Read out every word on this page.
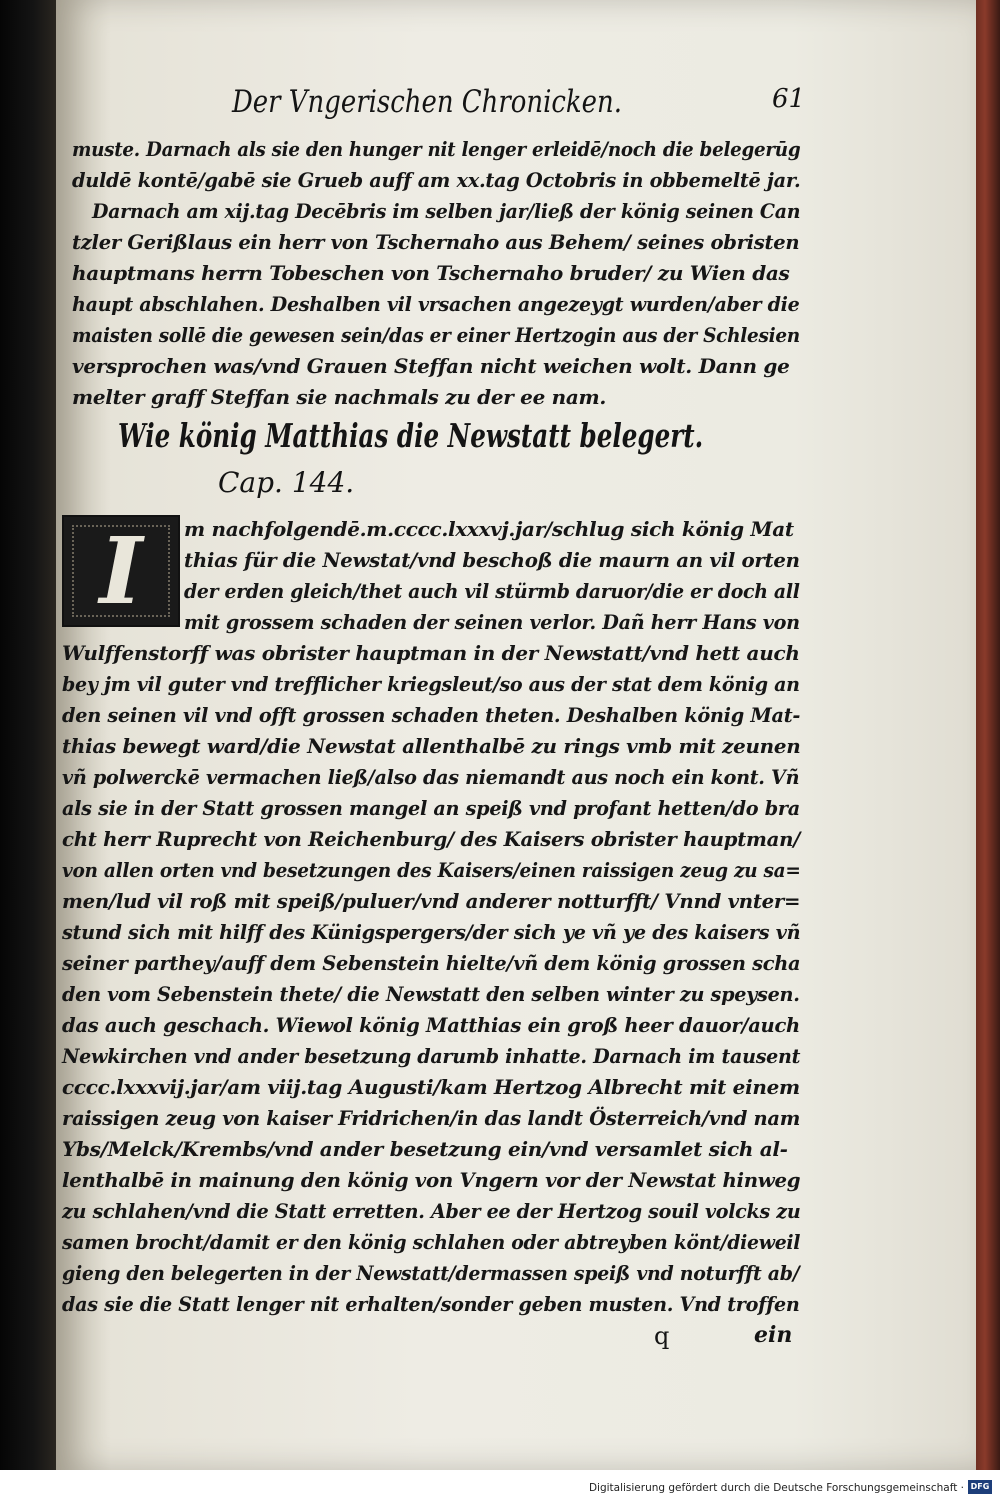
Der Vngerischen Chronicken.	61
muste. Darnach als sie den hunger nit lenger erleidē/noch die belegerūg
duldē kontē/gabē sie Grueb auff am xx.tag Octobris in obbemeltē jar.
Darnach am xij.tag Decēbris im selben jar/ließ der könig seinen Can
tzler Gerißlaus ein herr von Tschernaho aus Behem/ seines obristen
hauptmans herrn Tobeschen von Tschernaho bruder/ zu Wien das
haupt abschlahen. Deshalben vil vrsachen angezeygt wurden/aber die
maisten sollē die gewesen sein/das er einer Hertzogin aus der Schlesien
versprochen was/vnd Grauen Steffan nicht weichen wolt. Dann ge
melter graff Steffan sie nachmals zu der ee nam.
Wie könig Matthias die Newstatt belegert.
Cap. 144.
I	m nachfolgendē.m.cccc.lxxxvj.jar/schlug sich könig Mat
thias für die Newstat/vnd beschoß die maurn an vil orten
der erden gleich/thet auch vil stürmb daruor/die er doch all
mit grossem schaden der seinen verlor. Dañ herr Hans von
Wulffenstorff was obrister hauptman in der Newstatt/vnd hett auch
bey jm vil guter vnd trefflicher kriegsleut/so aus der stat dem könig an
den seinen vil vnd offt grossen schaden theten. Deshalben könig Mat-
thias bewegt ward/die Newstat allenthalbē zu rings vmb mit zeunen
vñ polwerckē vermachen ließ/also das niemandt aus noch ein kont. Vñ
als sie in der Statt grossen mangel an speiß vnd profant hetten/do bra
cht herr Ruprecht von Reichenburg/ des Kaisers obrister hauptman/
von allen orten vnd besetzungen des Kaisers/einen raissigen zeug zu sa=
men/lud vil roß mit speiß/puluer/vnd anderer notturfft/ Vnnd vnter=
stund sich mit hilff des Künigspergers/der sich ye vñ ye des kaisers vñ
seiner parthey/auff dem Sebenstein hielte/vñ dem könig grossen scha
den vom Sebenstein thete/ die Newstatt den selben winter zu speysen.
das auch geschach. Wiewol könig Matthias ein groß heer dauor/auch
Newkirchen vnd ander besetzung darumb inhatte. Darnach im tausent
cccc.lxxxvij.jar/am viij.tag Augusti/kam Hertzog Albrecht mit einem
raissigen zeug von kaiser Fridrichen/in das landt Österreich/vnd nam
Ybs/Melck/Krembs/vnd ander besetzung ein/vnd versamlet sich al-
lenthalbē in mainung den könig von Vngern vor der Newstat hinweg
zu schlahen/vnd die Statt erretten. Aber ee der Hertzog souil volcks zu
samen brocht/damit er den könig schlahen oder abtreyben könt/dieweil
gieng den belegerten in der Newstatt/dermassen speiß vnd noturfft ab/
das sie die Statt lenger nit erhalten/sonder geben musten. Vnd troffen
q	ein
Digitalisierung gefördert durch die Deutsche Forschungsgemeinschaft · DFG
